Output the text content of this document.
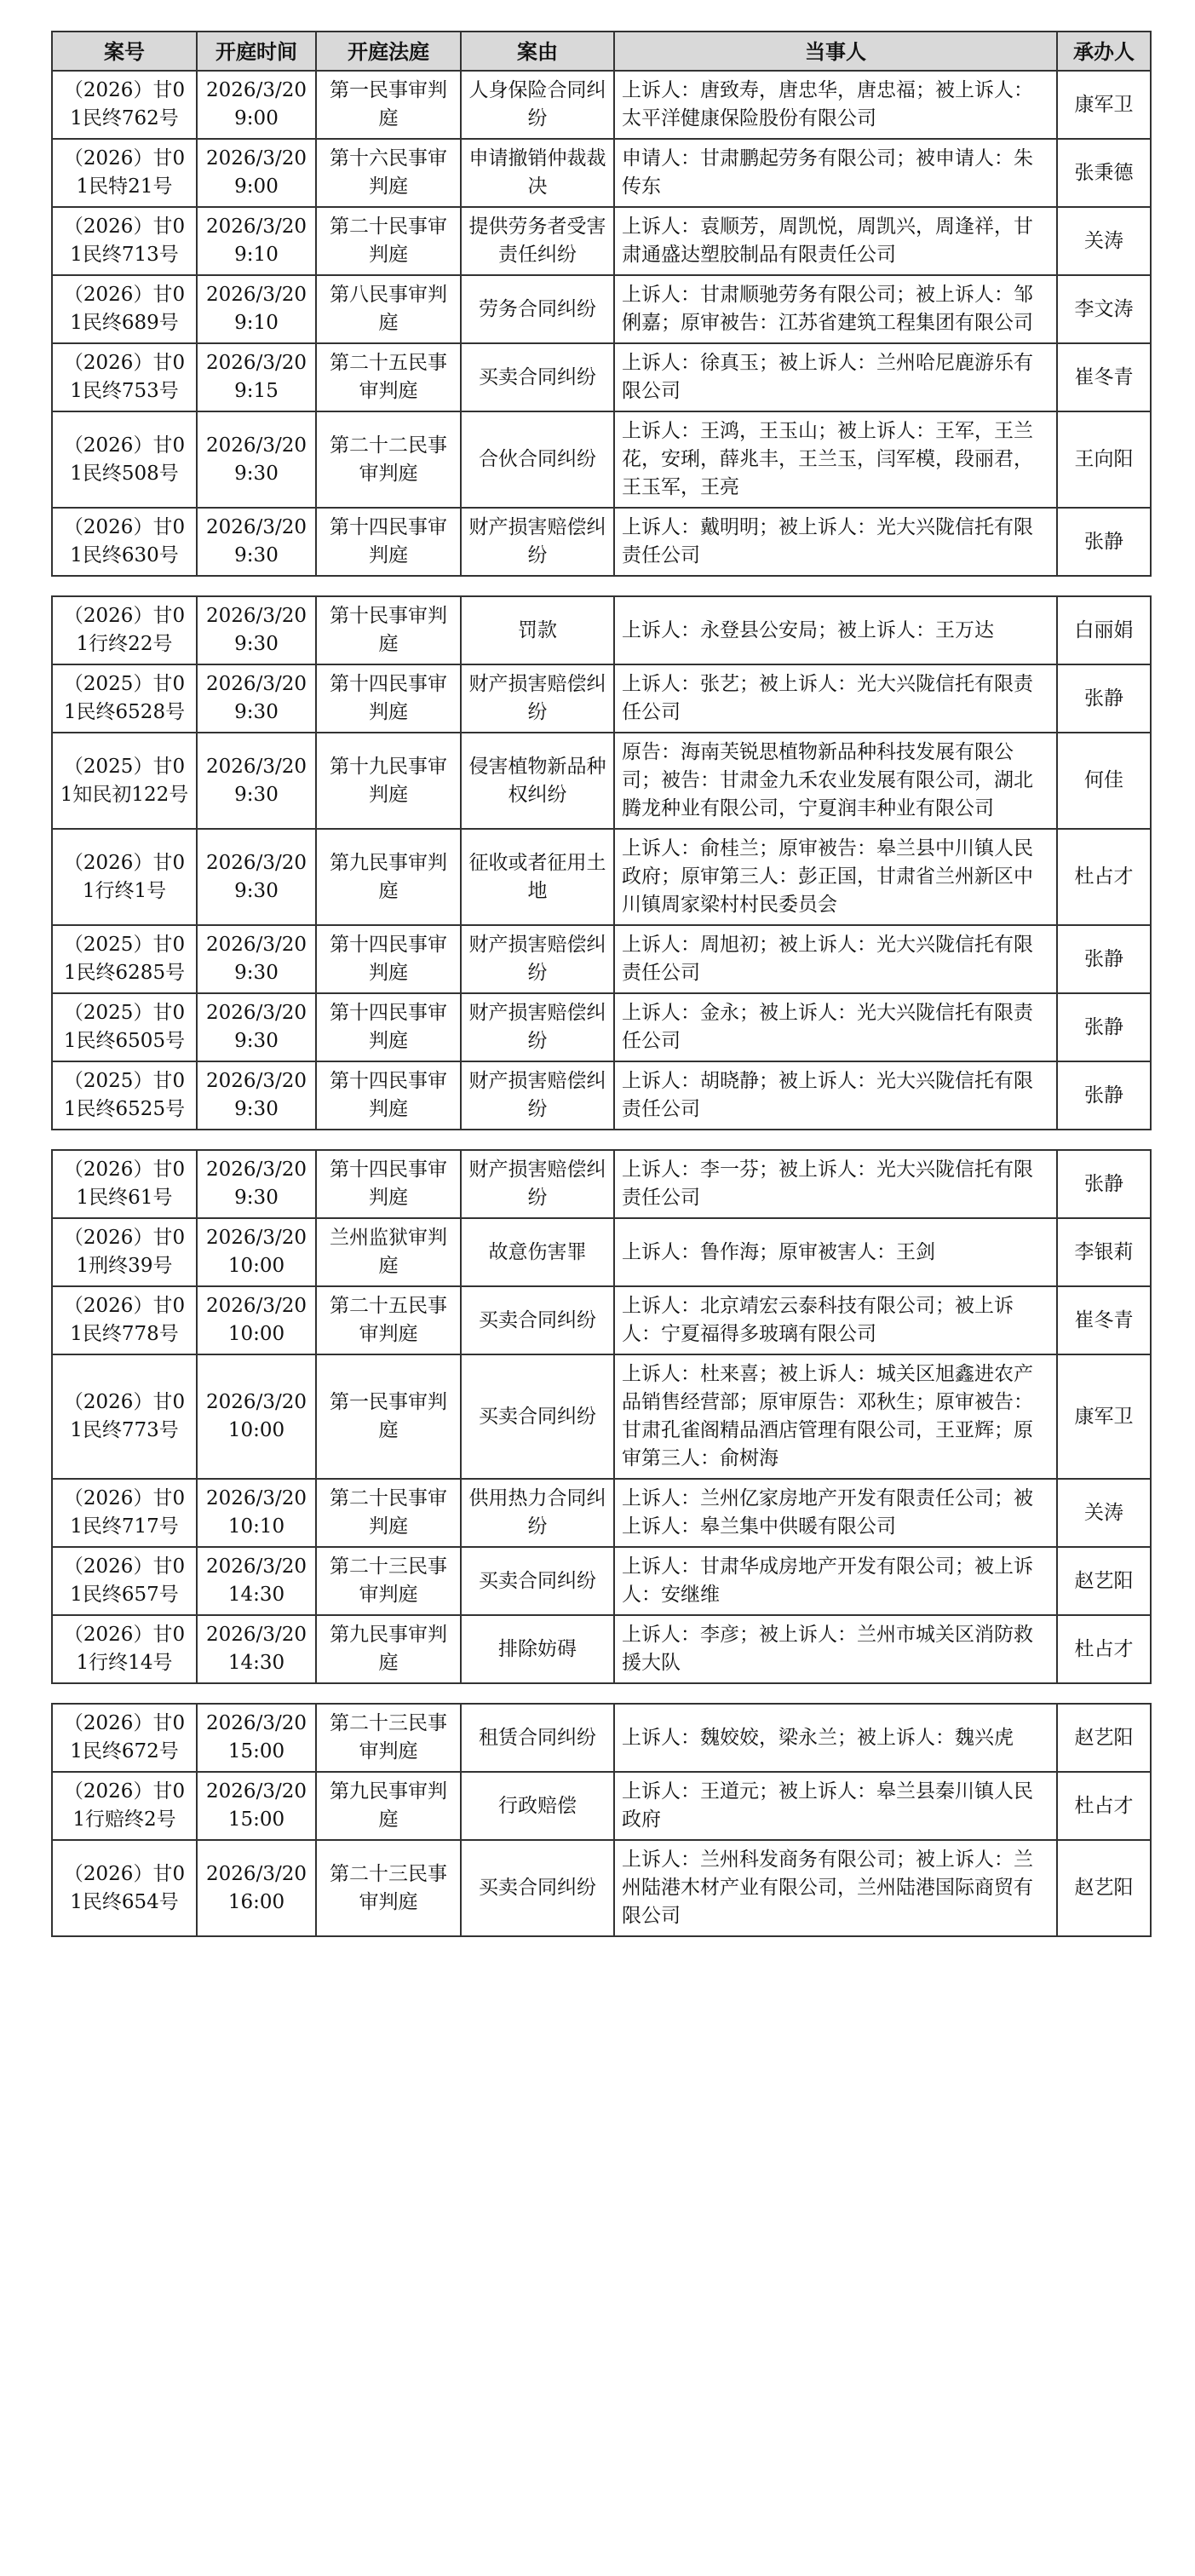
案号	开庭时间	开庭法庭	案由	当事人	承办人
（2026）甘01民终762号	2026/3/20 9:00	第一民事审判庭	人身保险合同纠纷	上诉人：唐致寿，唐忠华，唐忠福；被上诉人：太平洋健康保险股份有限公司	康军卫
（2026）甘01民特21号	2026/3/20 9:00	第十六民事审判庭	申请撤销仲裁裁决	申请人：甘肃鹏起劳务有限公司；被申请人：朱传东	张秉德
（2026）甘01民终713号	2026/3/20 9:10	第二十民事审判庭	提供劳务者受害责任纠纷	上诉人：袁顺芳，周凯悦，周凯兴，周逢祥，甘肃通盛达塑胶制品有限责任公司	关涛
（2026）甘01民终689号	2026/3/20 9:10	第八民事审判庭	劳务合同纠纷	上诉人：甘肃顺驰劳务有限公司；被上诉人：邹俐嘉；原审被告：江苏省建筑工程集团有限公司	李文涛
（2026）甘01民终753号	2026/3/20 9:15	第二十五民事审判庭	买卖合同纠纷	上诉人：徐真玉；被上诉人：兰州哈尼鹿游乐有限公司	崔冬青
（2026）甘01民终508号	2026/3/20 9:30	第二十二民事审判庭	合伙合同纠纷	上诉人：王鸿，王玉山；被上诉人：王军，王兰花，安琍，薛兆丰，王兰玉，闫军模，段丽君，王玉军，王亮	王向阳
（2026）甘01民终630号	2026/3/20 9:30	第十四民事审判庭	财产损害赔偿纠纷	上诉人：戴明明；被上诉人：光大兴陇信托有限责任公司	张静

（2026）甘01行终22号	2026/3/20 9:30	第十民事审判庭	罚款	上诉人：永登县公安局；被上诉人：王万达	白丽娟
（2025）甘01民终6528号	2026/3/20 9:30	第十四民事审判庭	财产损害赔偿纠纷	上诉人：张艺；被上诉人：光大兴陇信托有限责任公司	张静
（2025）甘01知民初122号	2026/3/20 9:30	第十九民事审判庭	侵害植物新品种权纠纷	原告：海南芙锐思植物新品种科技发展有限公司；被告：甘肃金九禾农业发展有限公司，湖北腾龙种业有限公司，宁夏润丰种业有限公司	何佳
（2026）甘01行终1号	2026/3/20 9:30	第九民事审判庭	征收或者征用土地	上诉人：俞桂兰；原审被告：皋兰县中川镇人民政府；原审第三人：彭正国，甘肃省兰州新区中川镇周家梁村村民委员会	杜占才
（2025）甘01民终6285号	2026/3/20 9:30	第十四民事审判庭	财产损害赔偿纠纷	上诉人：周旭初；被上诉人：光大兴陇信托有限责任公司	张静
（2025）甘01民终6505号	2026/3/20 9:30	第十四民事审判庭	财产损害赔偿纠纷	上诉人：金永；被上诉人：光大兴陇信托有限责任公司	张静
（2025）甘01民终6525号	2026/3/20 9:30	第十四民事审判庭	财产损害赔偿纠纷	上诉人：胡晓静；被上诉人：光大兴陇信托有限责任公司	张静

（2026）甘01民终61号	2026/3/20 9:30	第十四民事审判庭	财产损害赔偿纠纷	上诉人：李一芬；被上诉人：光大兴陇信托有限责任公司	张静
（2026）甘01刑终39号	2026/3/20 10:00	兰州监狱审判庭	故意伤害罪	上诉人：鲁作海；原审被害人：王剑	李银莉
（2026）甘01民终778号	2026/3/20 10:00	第二十五民事审判庭	买卖合同纠纷	上诉人：北京靖宏云泰科技有限公司；被上诉人：宁夏福得多玻璃有限公司	崔冬青
（2026）甘01民终773号	2026/3/20 10:00	第一民事审判庭	买卖合同纠纷	上诉人：杜来喜；被上诉人：城关区旭鑫进农产品销售经营部；原审原告：邓秋生；原审被告：甘肃孔雀阁精品酒店管理有限公司，王亚辉；原审第三人：俞树海	康军卫
（2026）甘01民终717号	2026/3/20 10:10	第二十民事审判庭	供用热力合同纠纷	上诉人：兰州亿家房地产开发有限责任公司；被上诉人：皋兰集中供暖有限公司	关涛
（2026）甘01民终657号	2026/3/20 14:30	第二十三民事审判庭	买卖合同纠纷	上诉人：甘肃华成房地产开发有限公司；被上诉人：安继维	赵艺阳
（2026）甘01行终14号	2026/3/20 14:30	第九民事审判庭	排除妨碍	上诉人：李彦；被上诉人：兰州市城关区消防救援大队	杜占才

（2026）甘01民终672号	2026/3/20 15:00	第二十三民事审判庭	租赁合同纠纷	上诉人：魏姣姣，梁永兰；被上诉人：魏兴虎	赵艺阳
（2026）甘01行赔终2号	2026/3/20 15:00	第九民事审判庭	行政赔偿	上诉人：王道元；被上诉人：皋兰县秦川镇人民政府	杜占才
（2026）甘01民终654号	2026/3/20 16:00	第二十三民事审判庭	买卖合同纠纷	上诉人：兰州科发商务有限公司；被上诉人：兰州陆港木材产业有限公司，兰州陆港国际商贸有限公司	赵艺阳
